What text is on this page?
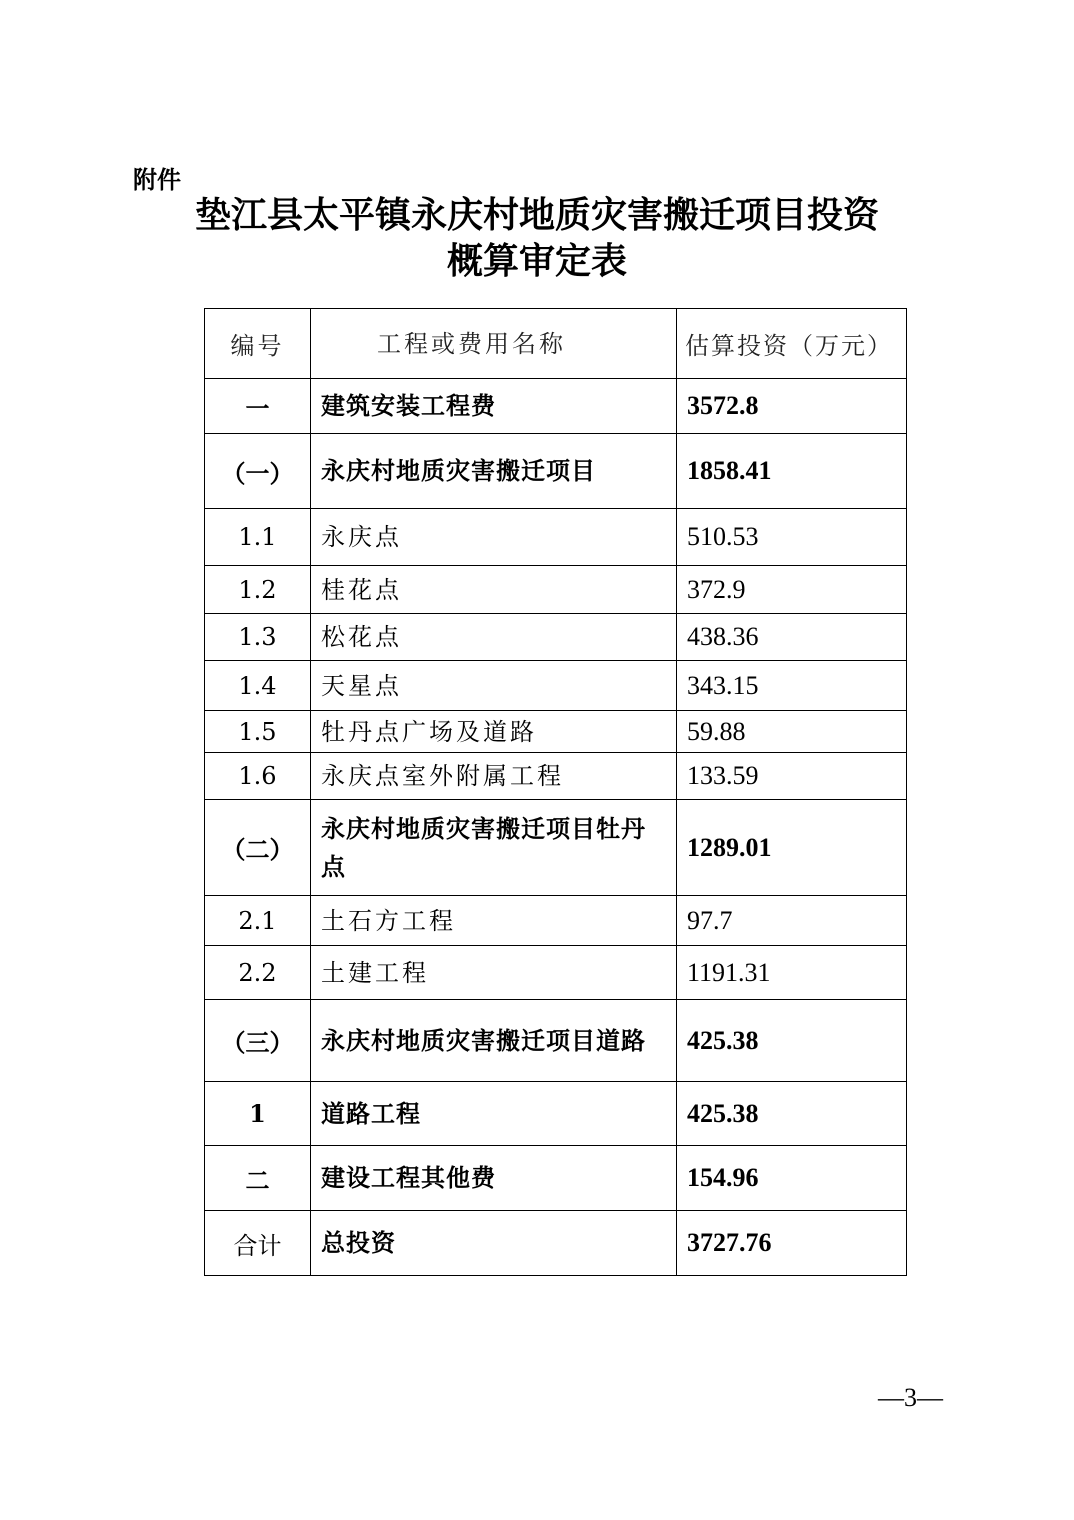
附件
垫江县太平镇永庆村地质灾害搬迁项目投资
概算审定表
编号	工程或费用名称	估算投资（万元）
一	建筑安装工程费	3572.8
（一）	永庆村地质灾害搬迁项目	1858.41
1.1	永庆点	510.53
1.2	桂花点	372.9
1.3	松花点	438.36
1.4	天星点	343.15
1.5	牡丹点广场及道路	59.88
1.6	永庆点室外附属工程	133.59
（二）	永庆村地质灾害搬迁项目牡丹点	1289.01
2.1	土石方工程	97.7
2.2	土建工程	1191.31
（三）	永庆村地质灾害搬迁项目道路	425.38
1	道路工程	425.38
二	建设工程其他费	154.96
合计	总投资	3727.76
—3—
